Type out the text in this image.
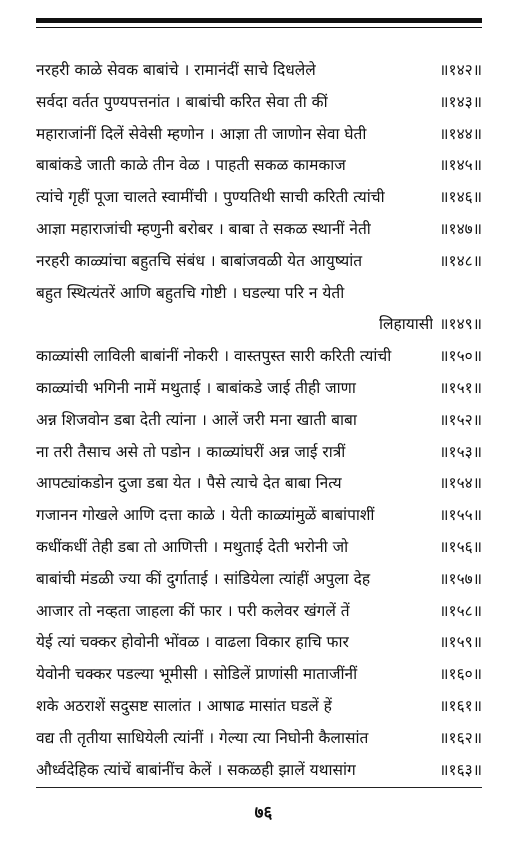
नरहरी काळे सेवक बाबांचे । रामानंदीं साचे दिधलेले	॥१४२॥
सर्वदा वर्तत पुण्यपत्तनांत । बाबांची करित सेवा ती कीं	॥१४३॥
महाराजांनीं दिलें सेवेसी म्हणोन । आज्ञा ती जाणोन सेवा घेती	॥१४४॥
बाबांकडे जाती काळे तीन वेळ । पाहती सकळ कामकाज	॥१४५॥
त्यांचे गृहीं पूजा चालते स्वामींची । पुण्यतिथी साची करिती त्यांची	॥१४६॥
आज्ञा महाराजांची म्हणुनी बरोबर । बाबा ते सकळ स्थानीं नेती	॥१४७॥
नरहरी काळ्यांचा बहुतचि संबंध । बाबांजवळी येत आयुष्यांत	॥१४८॥
बहुत स्थित्यंतरें आणि बहुतचि गोष्टी । घडल्या परि न येती
लिहायासी ॥१४९॥
काळ्यांसी लाविली बाबांनीं नोकरी । वास्तपुस्त सारी करिती त्यांची	॥१५०॥
काळ्यांची भगिनी नामें मथुताई । बाबांकडे जाई तीही जाणा	॥१५१॥
अन्न शिजवोन डबा देती त्यांना । आलें जरी मना खाती बाबा	॥१५२॥
ना तरी तैसाच असे तो पडोन । काळ्यांघरीं अन्न जाई रात्रीं	॥१५३॥
आपट्यांकडोन दुजा डबा येत । पैसे त्याचे देत बाबा नित्य	॥१५४॥
गजानन गोखले आणि दत्ता काळे । येती काळ्यांमुळें बाबांपाशीं	॥१५५॥
कधींकधीं तेही डबा तो आणित्ती । मथुताई देती भरोनी जो	॥१५६॥
बाबांची मंडळी ज्या कीं दुर्गाताई । सांडियेला त्यांहीं अपुला देह	॥१५७॥
आजार तो नव्हता जाहला कीं फार । परी कलेवर खंगलें तें	॥१५८॥
येई त्यां चक्कर होवोनी भोंवळ । वाढला विकार हाचि फार	॥१५९॥
येवोनी चक्कर पडल्या भूमीसी । सोडिलें प्राणांसी माताजींनीं	॥१६०॥
शके अठराशें सदुसष्ट सालांत । आषाढ मासांत घडलें हें	॥१६१॥
वद्य ती तृतीया साधियेली त्यांनीं । गेल्या त्या निघोनी कैलासांत	॥१६२॥
और्ध्वदेहिक त्यांचें बाबांनींच केलें । सकळही झालें यथासांग	॥१६३॥
७६
